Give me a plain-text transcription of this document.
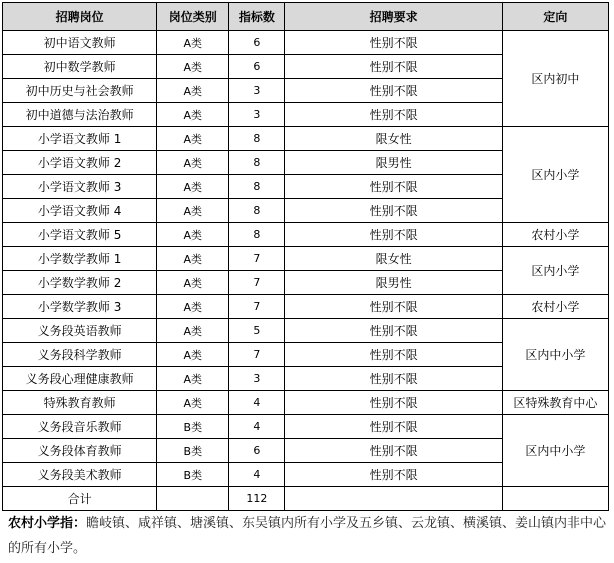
招聘岗位	岗位类别	指标数	招聘要求	定向
初中语文教师	A类	6	性别不限	区内初中
初中数学教师	A类	6	性别不限	
初中历史与社会教师	A类	3	性别不限	
初中道德与法治教师	A类	3	性别不限	
小学语文教师 1	A类	8	限女性	区内小学
小学语文教师 2	A类	8	限男性	
小学语文教师 3	A类	8	性别不限	
小学语文教师 4	A类	8	性别不限	
小学语文教师 5	A类	8	性别不限	农村小学
小学数学教师 1	A类	7	限女性	区内小学
小学数学教师 2	A类	7	限男性	
小学数学教师 3	A类	7	性别不限	农村小学
义务段英语教师	A类	5	性别不限	区内中小学
义务段科学教师	A类	7	性别不限	
义务段心理健康教师	A类	3	性别不限	
特殊教育教师	A类	4	性别不限	区特殊教育中心
义务段音乐教师	B类	4	性别不限	区内中小学
义务段体育教师	B类	6	性别不限	
义务段美术教师	B类	4	性别不限	
合计		112		
农村小学指：瞻岐镇、咸祥镇、塘溪镇、东吴镇内所有小学及五乡镇、云龙镇、横溪镇、姜山镇内非中心的所有小学。
